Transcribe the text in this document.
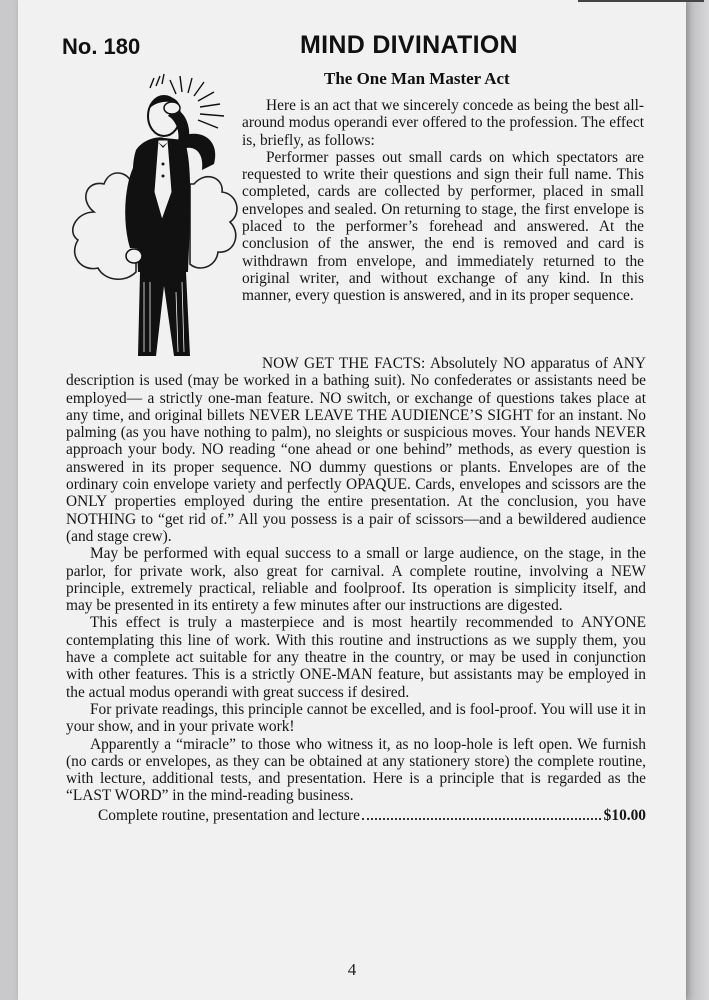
No. 180	MIND DIVINATION
The One Man Master Act

Here is an act that we sincerely concede as being the best all-around modus operandi ever offered to the profession. The effect is, briefly, as follows:

Performer passes out small cards on which spectators are requested to write their questions and sign their full name. This completed, cards are collected by performer, placed in small envelopes and sealed. On returning to stage, the first envelope is placed to the performer’s forehead and answered. At the conclusion of the answer, the end is removed and card is withdrawn from envelope, and immediately returned to the original writer, and without exchange of any kind. In this manner, every question is answered, and in its proper sequence.

NOW GET THE FACTS: Absolutely NO apparatus of ANY description is used (may be worked in a bathing suit). No confederates or assistants need be employed— a strictly one-man feature. NO switch, or exchange of questions takes place at any time, and original billets NEVER LEAVE THE AUDIENCE’S SIGHT for an instant. No palming (as you have nothing to palm), no sleights or suspicious moves. Your hands NEVER approach your body. NO reading “one ahead or one behind” methods, as every question is answered in its proper sequence. NO dummy questions or plants. Envelopes are of the ordinary coin envelope variety and perfectly OPAQUE. Cards, envelopes and scissors are the ONLY properties employed during the entire presentation. At the conclusion, you have NOTHING to “get rid of.” All you possess is a pair of scissors—and a bewildered audience (and stage crew).

May be performed with equal success to a small or large audience, on the stage, in the parlor, for private work, also great for carnival. A complete routine, involving a NEW principle, extremely practical, reliable and foolproof. Its operation is simplicity itself, and may be presented in its entirety a few minutes after our instructions are digested.

This effect is truly a masterpiece and is most heartily recommended to ANYONE contemplating this line of work. With this routine and instructions as we supply them, you have a complete act suitable for any theatre in the country, or may be used in conjunction with other features. This is a strictly ONE-MAN feature, but assistants may be employed in the actual modus operandi with great success if desired.

For private readings, this principle cannot be excelled, and is fool-proof. You will use it in your show, and in your private work!

Apparently a “miracle” to those who witness it, as no loop-hole is left open. We furnish (no cards or envelopes, as they can be obtained at any stationery store) the complete routine, with lecture, additional tests, and presentation. Here is a principle that is regarded as the “LAST WORD” in the mind-reading business.

Complete routine, presentation and lecture	$10.00
4
